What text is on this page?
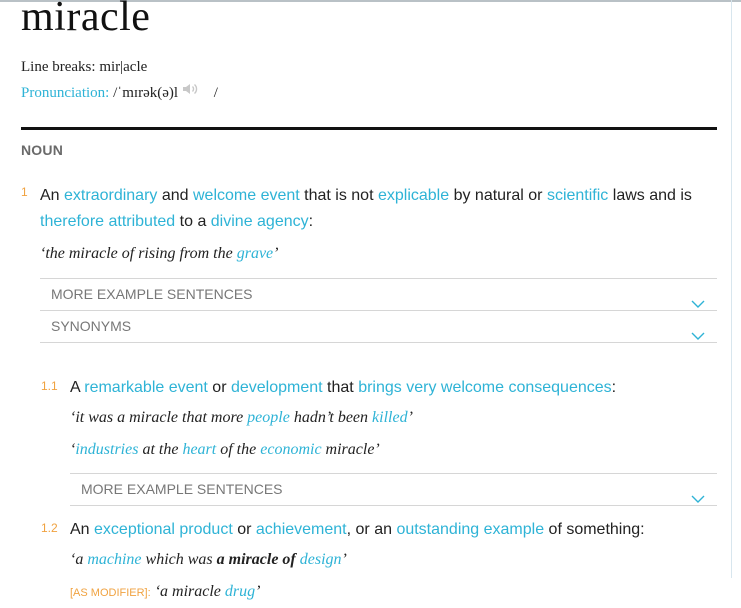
miracle
Line breaks: mir|acle
Pronunciation: /ˈmɪrək(ə)l /
NOUN
1 An extraordinary and welcome event that is not explicable by natural or scientific laws and is therefore attributed to a divine agency:
‘the miracle of rising from the grave’
MORE EXAMPLE SENTENCES
SYNONYMS
1.1 A remarkable event or development that brings very welcome consequences:
‘it was a miracle that more people hadn’t been killed’
‘industries at the heart of the economic miracle’
MORE EXAMPLE SENTENCES
1.2 An exceptional product or achievement, or an outstanding example of something:
‘a machine which was a miracle of design’
[AS MODIFIER]: ‘a miracle drug’
